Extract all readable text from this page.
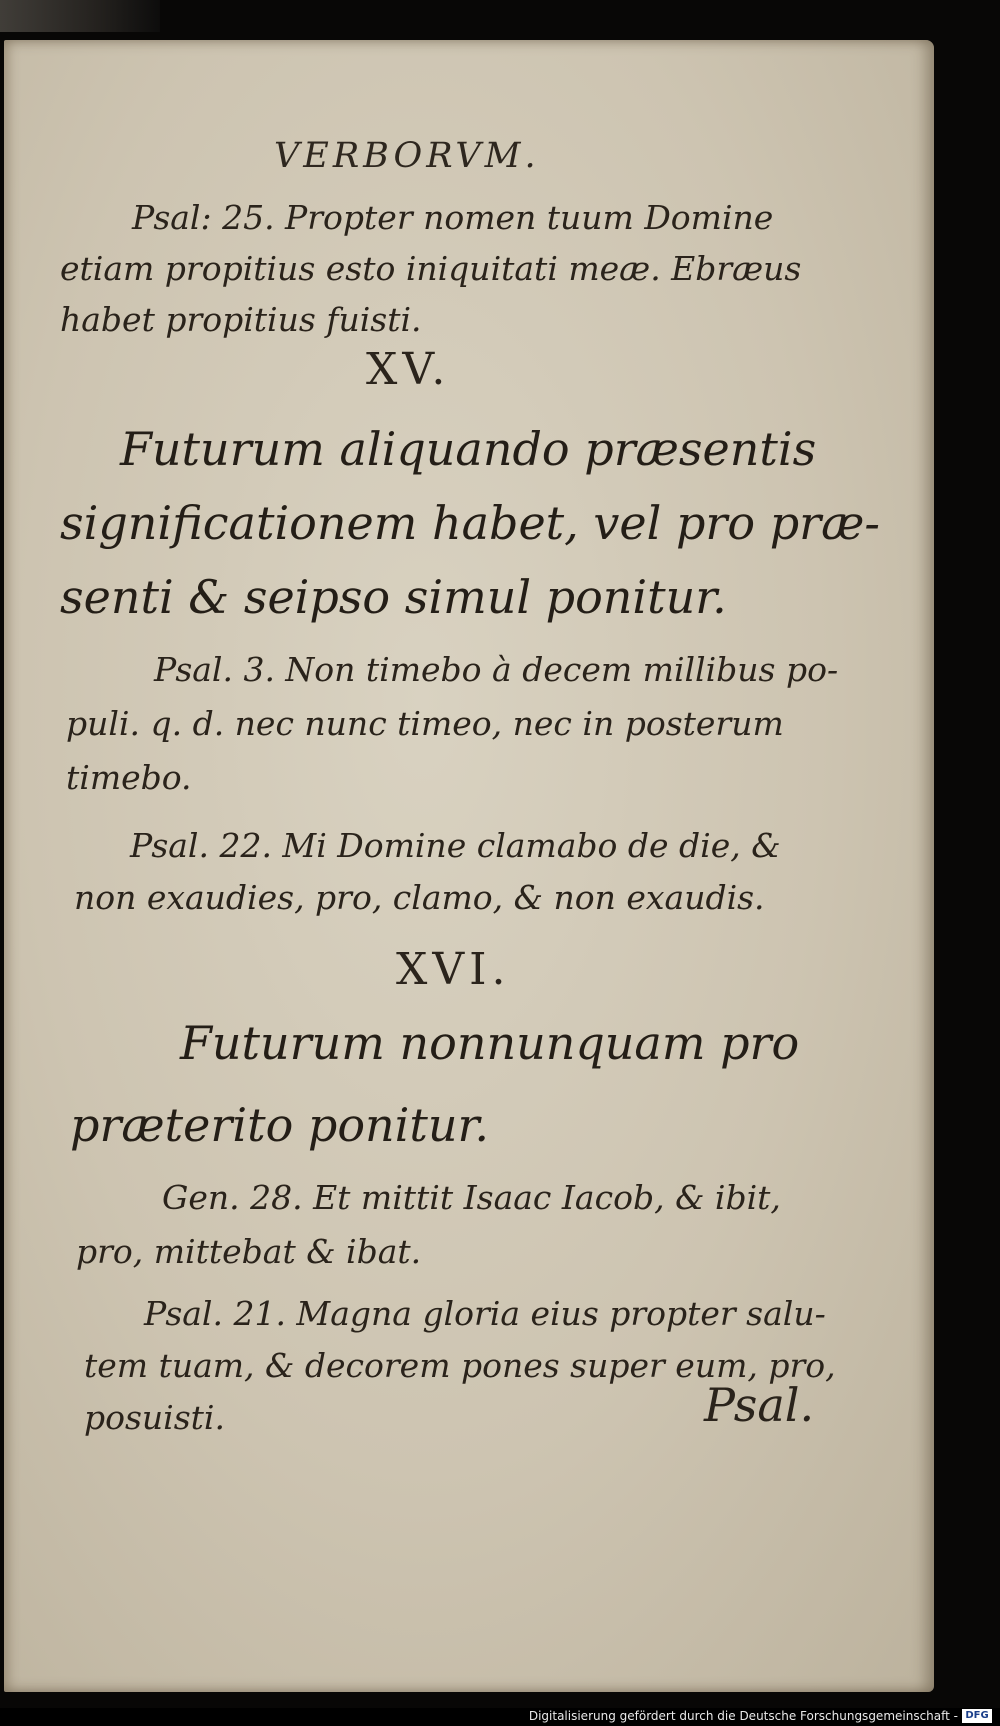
VERBORVM.
Psal: 25. Propter nomen tuum Domine
etiam propitius esto iniquitati meæ. Ebræus
habet propitius fuisti.
XV.
Futurum aliquando præsentis
significationem habet, vel pro præ-
senti & seipso simul ponitur.
Psal. 3. Non timebo à decem millibus po-
puli. q. d. nec nunc timeo, nec in posterum
timebo.
Psal. 22. Mi Domine clamabo de die, &
non exaudies, pro, clamo, & non exaudis.
XVI.
Futurum nonnunquam pro
præterito ponitur.
Gen. 28. Et mittit Isaac Iacob, & ibit,
pro, mittebat & ibat.
Psal. 21. Magna gloria eius propter salu-
tem tuam, & decorem pones super eum, pro,
posuisti.	Psal.
Digitalisierung gefördert durch die Deutsche Forschungsgemeinschaft - DFG
